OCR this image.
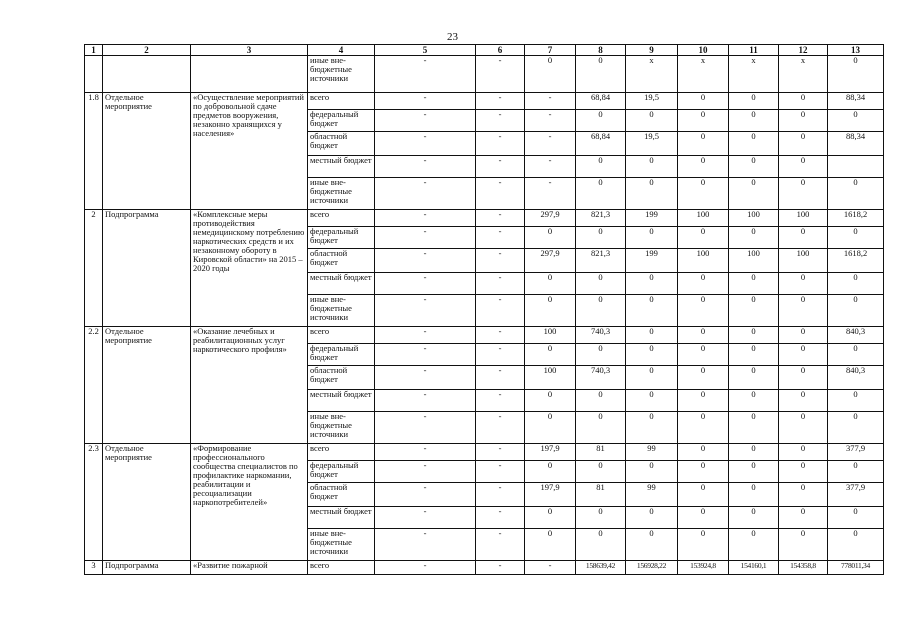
23
1	2	3	4	5	6	7	8	9	10	11	12	13
			иные вне-бюджетные источники	-	-	0	0	x	x	x	x	0
1.8	Отдельное мероприятие	«Осуществление мероприятий по добровольной сдаче предметов вооружения, незаконно хранящихся у населения»	всего	-	-	-	68,84	19,5	0	0	0	88,34
			федеральный бюджет	-	-	-	0	0	0	0	0	0
			областной бюджет	-	-	-	68,84	19,5	0	0	0	88,34
			местный бюджет	-	-	-	0	0	0	0	0	
			иные вне-бюджетные источники	-	-	-	0	0	0	0	0	0
2	Подпрограмма	«Комплексные меры противодействия немедицинскому потреблению наркотических средств и их незаконному обороту в Кировской области» на 2015 – 2020 годы	всего	-	-	297,9	821,3	199	100	100	100	1618,2
			федеральный бюджет	-	-	0	0	0	0	0	0	0
			областной бюджет	-	-	297,9	821,3	199	100	100	100	1618,2
			местный бюджет	-	-	0	0	0	0	0	0	0
			иные вне-бюджетные источники	-	-	0	0	0	0	0	0	0
2.2	Отдельное мероприятие	«Оказание лечебных и реабилитационных услуг наркотического профиля»	всего	-	-	100	740,3	0	0	0	0	840,3
			федеральный бюджет	-	-	0	0	0	0	0	0	0
			областной бюджет	-	-	100	740,3	0	0	0	0	840,3
			местный бюджет	-	-	0	0	0	0	0	0	0
			иные вне-бюджетные источники	-	-	0	0	0	0	0	0	0
2.3	Отдельное мероприятие	«Формирование профессионального сообщества специалистов по профилактике наркомании, реабилитации и ресоциализации наркопотребителей»	всего	-	-	197,9	81	99	0	0	0	377,9
			федеральный бюджет	-	-	0	0	0	0	0	0	0
			областной бюджет	-	-	197,9	81	99	0	0	0	377,9
			местный бюджет	-	-	0	0	0	0	0	0	0
			иные вне-бюджетные источники	-	-	0	0	0	0	0	0	0
3	Подпрограмма	«Развитие пожарной	всего	-	-	-	158639,42	156928,22	153924,8	154160,1	154358,8	778011,34
